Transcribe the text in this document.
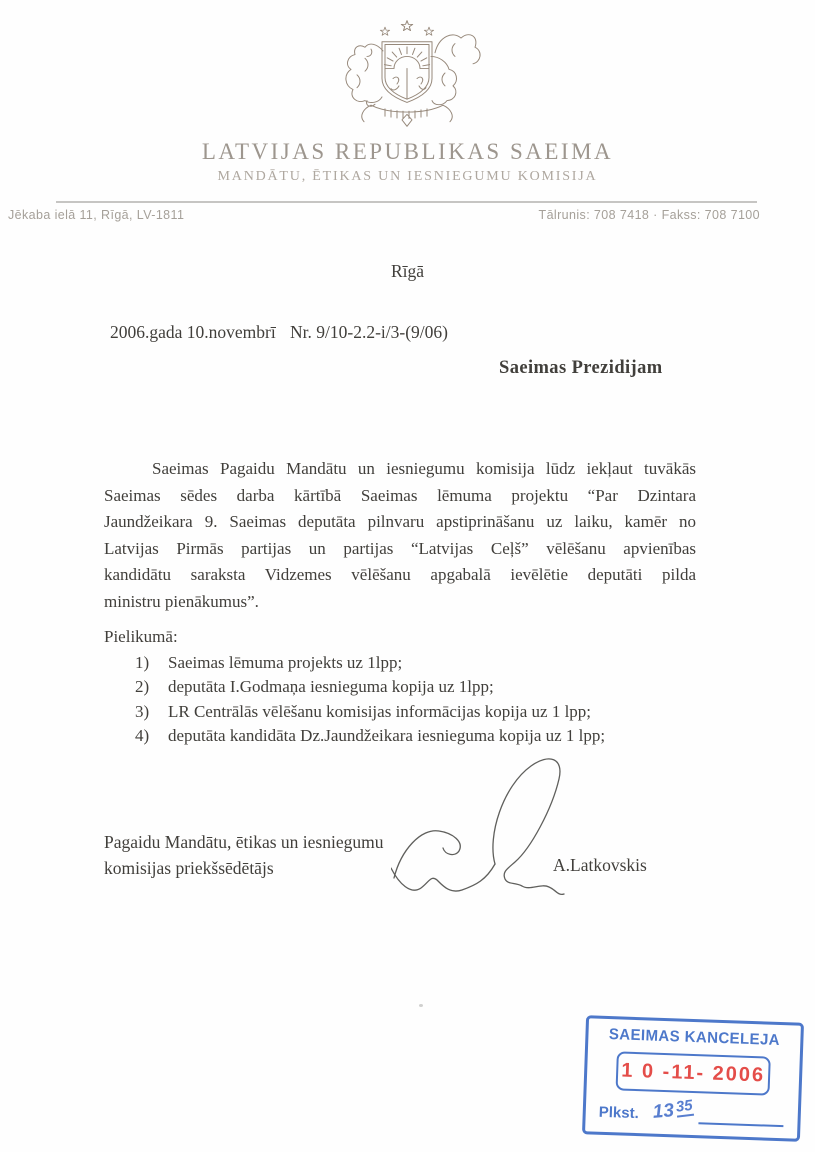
LATVIJAS REPUBLIKAS SAEIMA
MANDĀTU, ĒTIKAS UN IESNIEGUMU KOMISIJA
Jēkaba ielā 11, Rīgā, LV-1811	Tālrunis: 708 7418 · Fakss: 708 7100
Rīgā
2006.gada 10.novembrī Nr. 9/10-2.2-i/3-(9/06)
Saeimas Prezidijam
Saeimas Pagaidu Mandātu un iesniegumu komisija lūdz iekļaut tuvākās
Saeimas sēdes darba kārtībā Saeimas lēmuma projektu “Par Dzintara
Jaundžeikara 9. Saeimas deputāta pilnvaru apstiprināšanu uz laiku, kamēr no
Latvijas Pirmās partijas un partijas “Latvijas Ceļš” vēlēšanu apvienības
kandidātu saraksta Vidzemes vēlēšanu apgabalā ievēlētie deputāti pilda
ministru pienākumus”.
Pielikumā:
1) Saeimas lēmuma projekts uz 1lpp;
2) deputāta I.Godmaņa iesnieguma kopija uz 1lpp;
3) LR Centrālās vēlēšanu komisijas informācijas kopija uz 1 lpp;
4) deputāta kandidāta Dz.Jaundžeikara iesnieguma kopija uz 1 lpp;
Pagaidu Mandātu, ētikas un iesniegumu
komisijas priekšsēdētājs	A.Latkovskis
SAEIMAS KANCELEJA
1 0 -11- 2006
Plkst. 13 35
